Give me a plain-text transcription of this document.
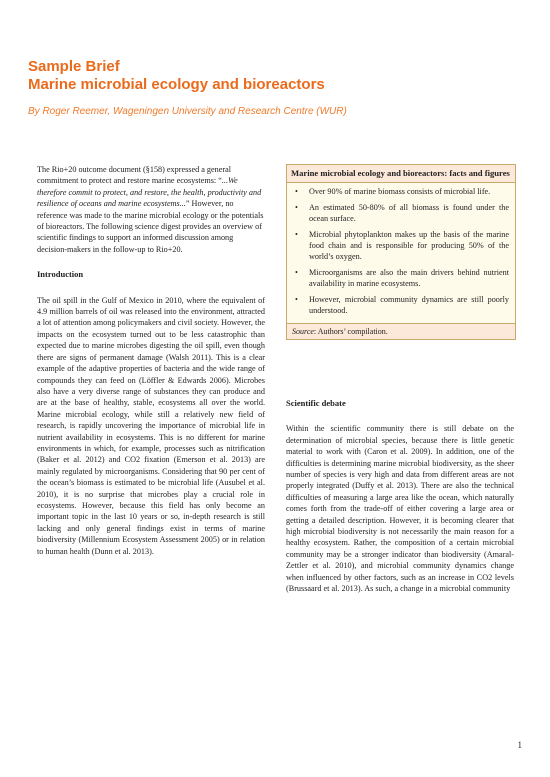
Sample Brief
Marine microbial ecology and bioreactors
By Roger Reemer, Wageningen University and Research Centre (WUR)

The Rio+20 outcome document (§158) expressed a general commitment to protect and restore marine ecosystems: “...We therefore commit to protect, and restore, the health, productivity and resilience of oceans and marine ecosystems...” However, no reference was made to the marine microbial ecology or the potentials of bioreactors. The following science digest provides an overview of scientific findings to support an informed discussion among decision-makers in the follow-up to Rio+20.

Introduction

The oil spill in the Gulf of Mexico in 2010, where the equivalent of 4.9 million barrels of oil was released into the environment, attracted a lot of attention among policymakers and civil society. However, the impacts on the ecosystem turned out to be less catastrophic than expected due to marine microbes digesting the oil spill, even though there are signs of permanent damage (Walsh 2011). This is a clear example of the adaptive properties of bacteria and the wide range of compounds they can feed on (Löffler & Edwards 2006). Microbes also have a very diverse range of substances they can produce and are at the base of healthy, stable, ecosystems all over the world. Marine microbial ecology, while still a relatively new field of research, is rapidly uncovering the importance of microbial life in nutrient availability in ecosystems. This is no different for marine environments in which, for example, processes such as nitrification (Baker et al. 2012) and CO2 fixation (Emerson et al. 2013) are mainly regulated by microorganisms. Considering that 90 per cent of the ocean’s biomass is estimated to be microbial life (Ausubel et al. 2010), it is no surprise that microbes play a crucial role in ecosystems. However, because this field has only become an important topic in the last 10 years or so, in-depth research is still lacking and only general findings exist in terms of marine biodiversity (Millennium Ecosystem Assessment 2005) or in relation to human health (Dunn et al. 2013).

Marine microbial ecology and bioreactors: facts and figures
• Over 90% of marine biomass consists of microbial life.
• An estimated 50-80% of all biomass is found under the ocean surface.
• Microbial phytoplankton makes up the basis of the marine food chain and is responsible for producing 50% of the world’s oxygen.
• Microorganisms are also the main drivers behind nutrient availability in marine ecosystems.
• However, microbial community dynamics are still poorly understood.
Source: Authors’ compilation.
Scientific debate

Within the scientific community there is still debate on the determination of microbial species, because there is little genetic material to work with (Caron et al. 2009). In addition, one of the difficulties is determining marine microbial biodiversity, as the sheer number of species is very high and data from different areas are not properly integrated (Duffy et al. 2013). There are also the technical difficulties of measuring a large area like the ocean, which naturally comes forth from the trade-off of either covering a large area or getting a detailed description. However, it is becoming clearer that high microbial biodiversity is not necessarily the main reason for a healthy ecosystem. Rather, the composition of a certain microbial community may be a stronger indicator than biodiversity (Amaral-Zettler et al. 2010), and microbial community dynamics change when influenced by other factors, such as an increase in CO2 levels (Brussaard et al. 2013). As such, a change in a microbial community

1
